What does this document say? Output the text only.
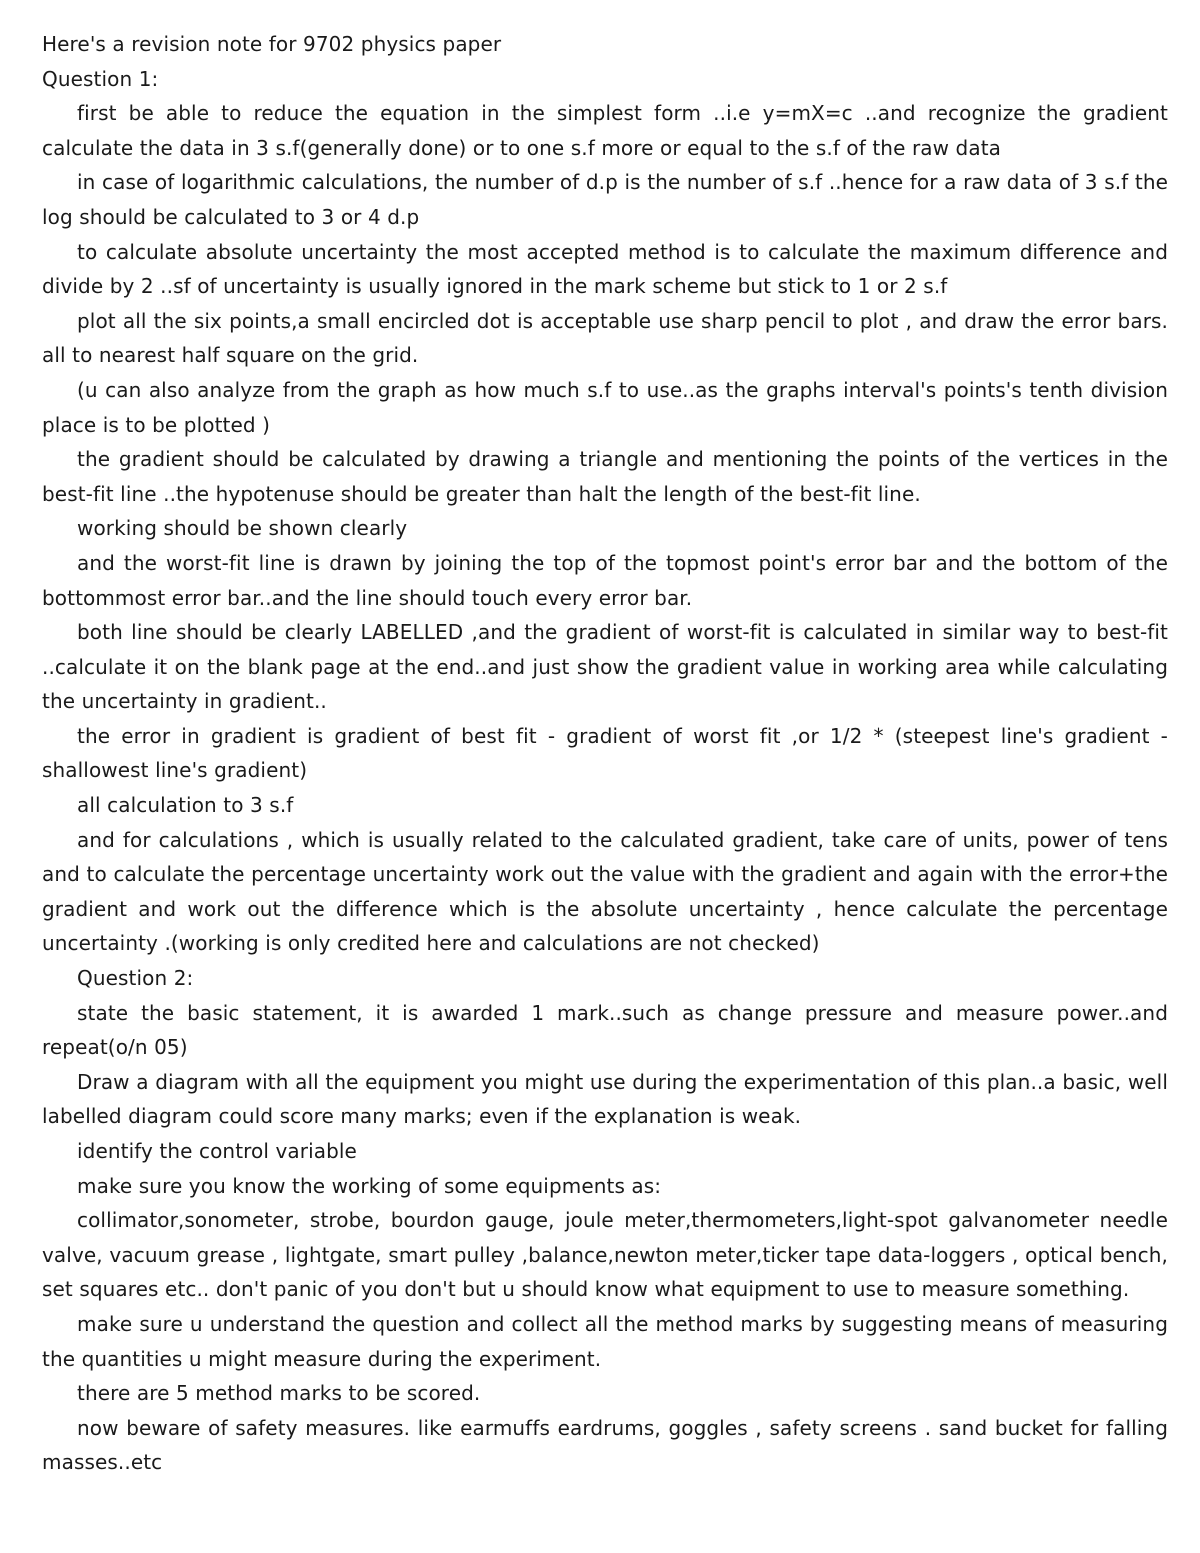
Here's a revision note for 9702 physics paper

Question 1:

first be able to reduce the equation in the simplest form ..i.e y=mX=c ..and recognize the gradient calculate the data in 3 s.f(generally done) or to one s.f more or equal to the s.f of the raw data

in case of logarithmic calculations, the number of d.p is the number of s.f ..hence for a raw data of 3 s.f the log should be calculated to 3 or 4 d.p

to calculate absolute uncertainty the most accepted method is to calculate the maximum difference and divide by 2 ..sf of uncertainty is usually ignored in the mark scheme but stick to 1 or 2 s.f

plot all the six points,a small encircled dot is acceptable use sharp pencil to plot , and draw the error bars. all to nearest half square on the grid.

(u can also analyze from the graph as how much s.f to use..as the graphs interval's points's tenth division place is to be plotted )

the gradient should be calculated by drawing a triangle and mentioning the points of the vertices in the best-fit line ..the hypotenuse should be greater than halt the length of the best-fit line.

working should be shown clearly

and the worst-fit line is drawn by joining the top of the topmost point's error bar and the bottom of the bottommost error bar..and the line should touch every error bar.

both line should be clearly LABELLED ,and the gradient of worst-fit is calculated in similar way to best-fit ..calculate it on the blank page at the end..and just show the gradient value in working area while calculating the uncertainty in gradient..

the error in gradient is gradient of best fit - gradient of worst fit ,or 1/2 * (steepest line's gradient - shallowest line's gradient)

all calculation to 3 s.f

and for calculations , which is usually related to the calculated gradient, take care of units, power of tens and to calculate the percentage uncertainty work out the value with the gradient and again with the error+the gradient and work out the difference which is the absolute uncertainty , hence calculate the percentage uncertainty .(working is only credited here and calculations are not checked)

Question 2:

state the basic statement, it is awarded 1 mark..such as change pressure and measure power..and repeat(o/n 05)

Draw a diagram with all the equipment you might use during the experimentation of this plan..a basic, well labelled diagram could score many marks; even if the explanation is weak.

identify the control variable

make sure you know the working of some equipments as:

collimator,sonometer, strobe, bourdon gauge, joule meter,thermometers,light-spot galvanometer needle valve, vacuum grease , lightgate, smart pulley ,balance,newton meter,ticker tape data-loggers , optical bench, set squares etc.. don't panic of you don't but u should know what equipment to use to measure something.

make sure u understand the question and collect all the method marks by suggesting means of measuring the quantities u might measure during the experiment.

there are 5 method marks to be scored.

now beware of safety measures. like earmuffs eardrums, goggles , safety screens . sand bucket for falling masses..etc
